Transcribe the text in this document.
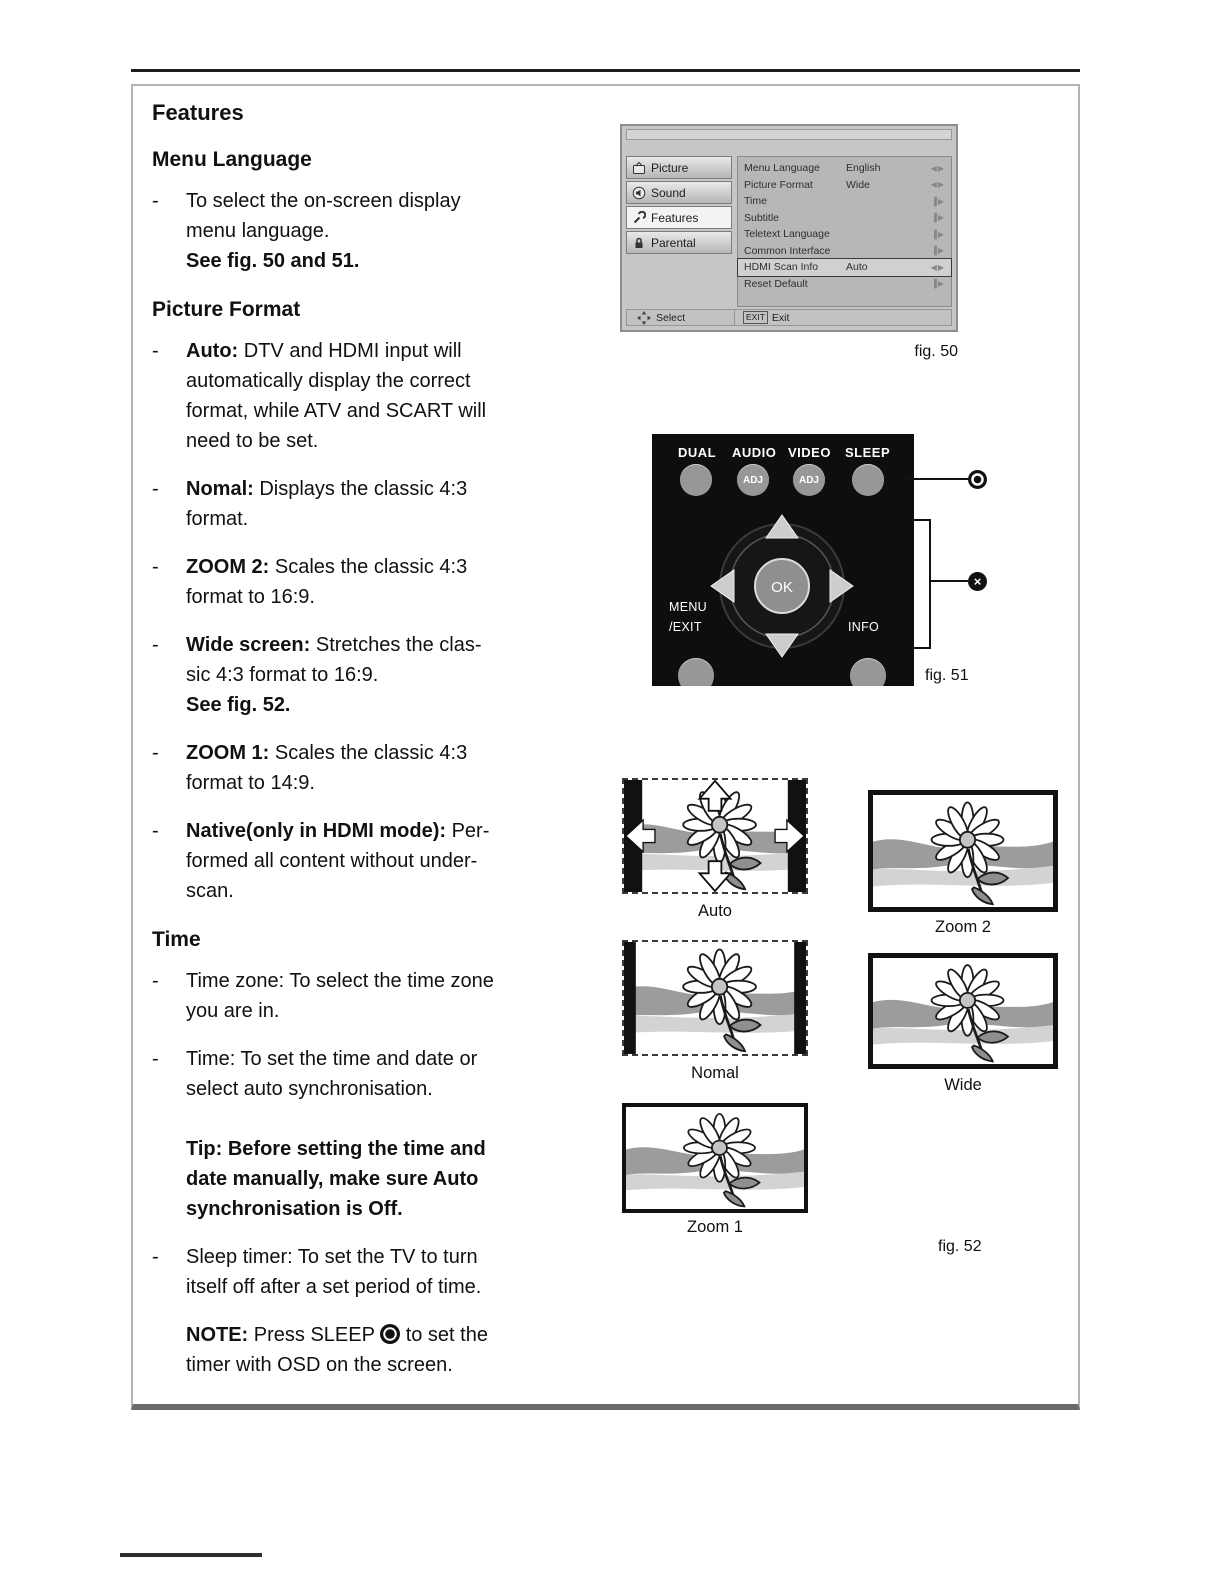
Features
Menu Language
-	To select the on-screen display
menu language.
See fig. 50 and 51.
Picture Format
-	Auto: DTV and HDMI input will
automatically display the correct
format, while ATV and SCART will
need to be set.
-	Nomal: Displays the classic 4:3
format.
-	ZOOM 2: Scales the classic 4:3
format to 16:9.
-	Wide screen: Stretches the clas-
sic 4:3 format to 16:9.
See fig. 52.
-	ZOOM 1: Scales the classic 4:3
format to 14:9.
-	Native(only in HDMI mode): Per-
formed all content without under-
scan.
Time
-	Time zone: To select the time zone
you are in.
-	Time: To set the time and date or
select auto synchronisation.
Tip: Before setting the time and
date manually, make sure Auto
synchronisation is Off.
-	Sleep timer: To set the TV to turn
itself off after a set period of time.
NOTE: Press SLEEP  to set the
timer with OSD on the screen.
Picture
Sound
Features
Parental
Menu Language	English	◀▶
Picture Format	Wide	◀▶
Time	▐▶
Subtitle	▐▶
Teletext Language	▐▶
Common Interface	▐▶
HDMI Scan Info	Auto	◀▶
Reset Default	▐▶
Select	EXIT Exit
fig. 50
DUAL AUDIO VIDEO SLEEP
ADJ	ADJ
OK
MENU
/EXIT	INFO
×
fig. 51
Auto
Zoom 2
Nomal
Wide
Zoom 1
fig. 52
